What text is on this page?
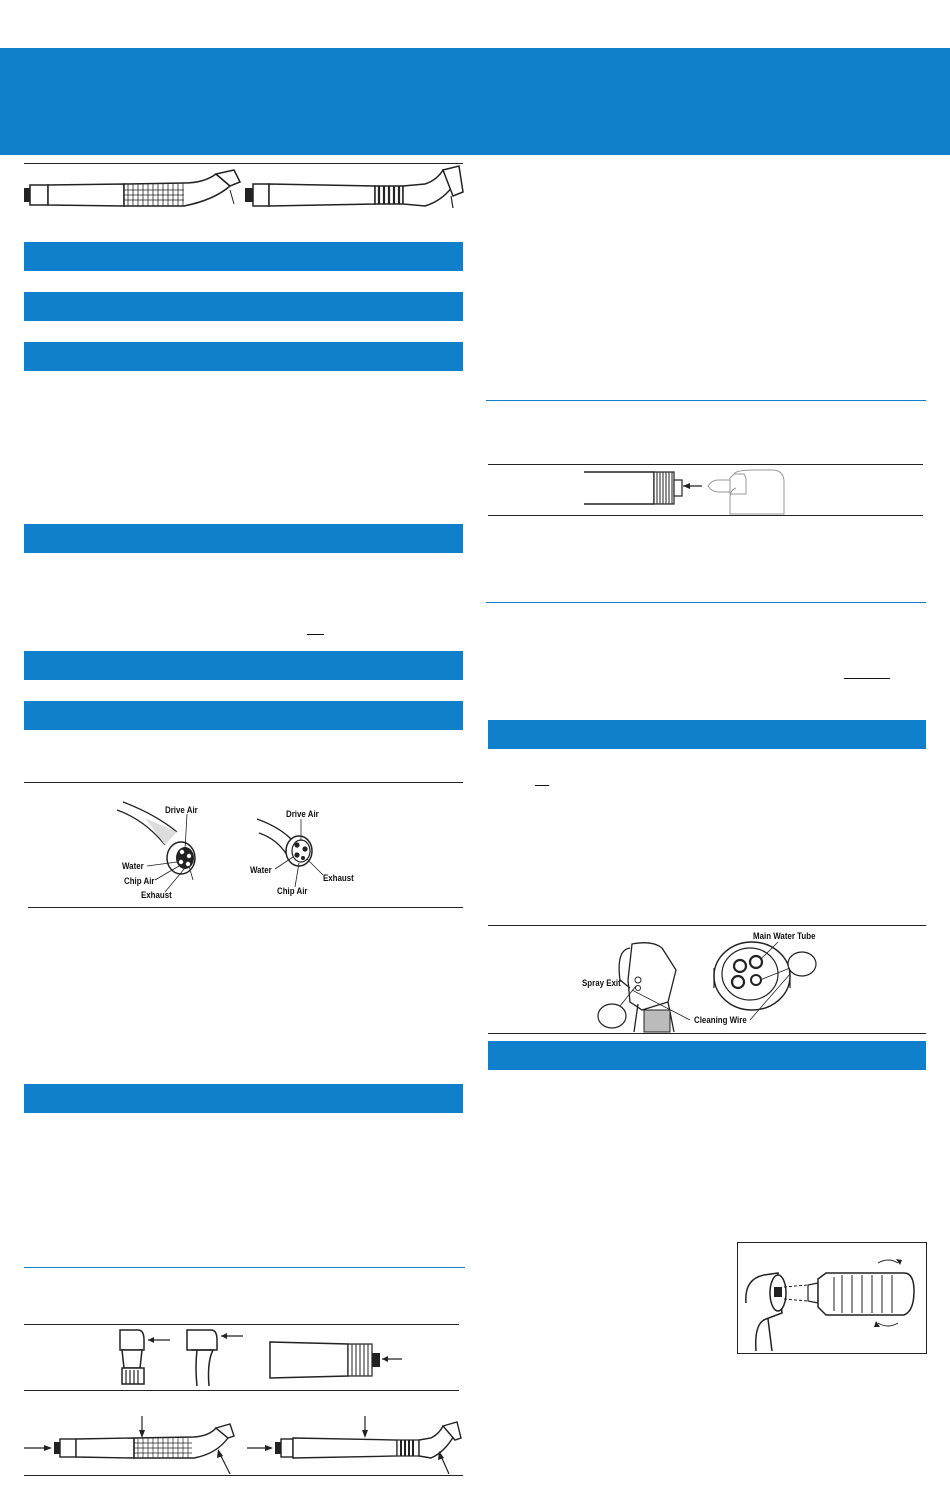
Drive Air
Water
Chip Air
Exhaust
Drive Air
Water
Exhaust
Chip Air
Main Water Tube
Spray Exit
Cleaning Wire
